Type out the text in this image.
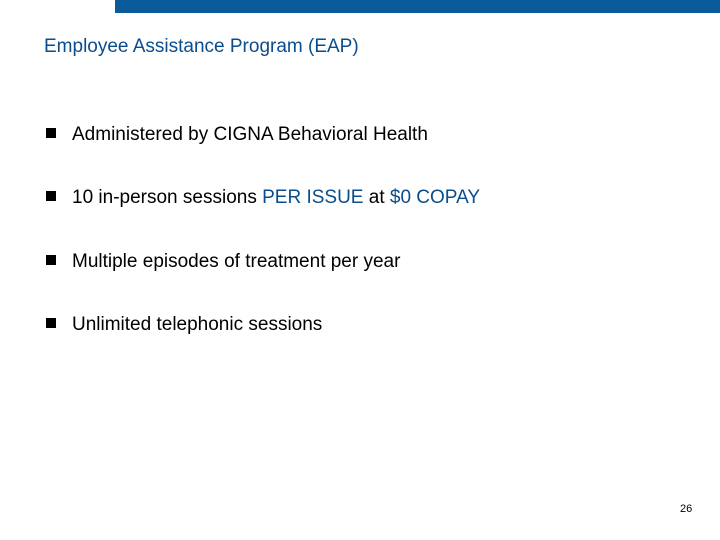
Employee Assistance Program (EAP)
Administered by CIGNA Behavioral Health
10 in-person sessions PER ISSUE at $0 COPAY
Multiple episodes of treatment per year
Unlimited telephonic sessions
26
